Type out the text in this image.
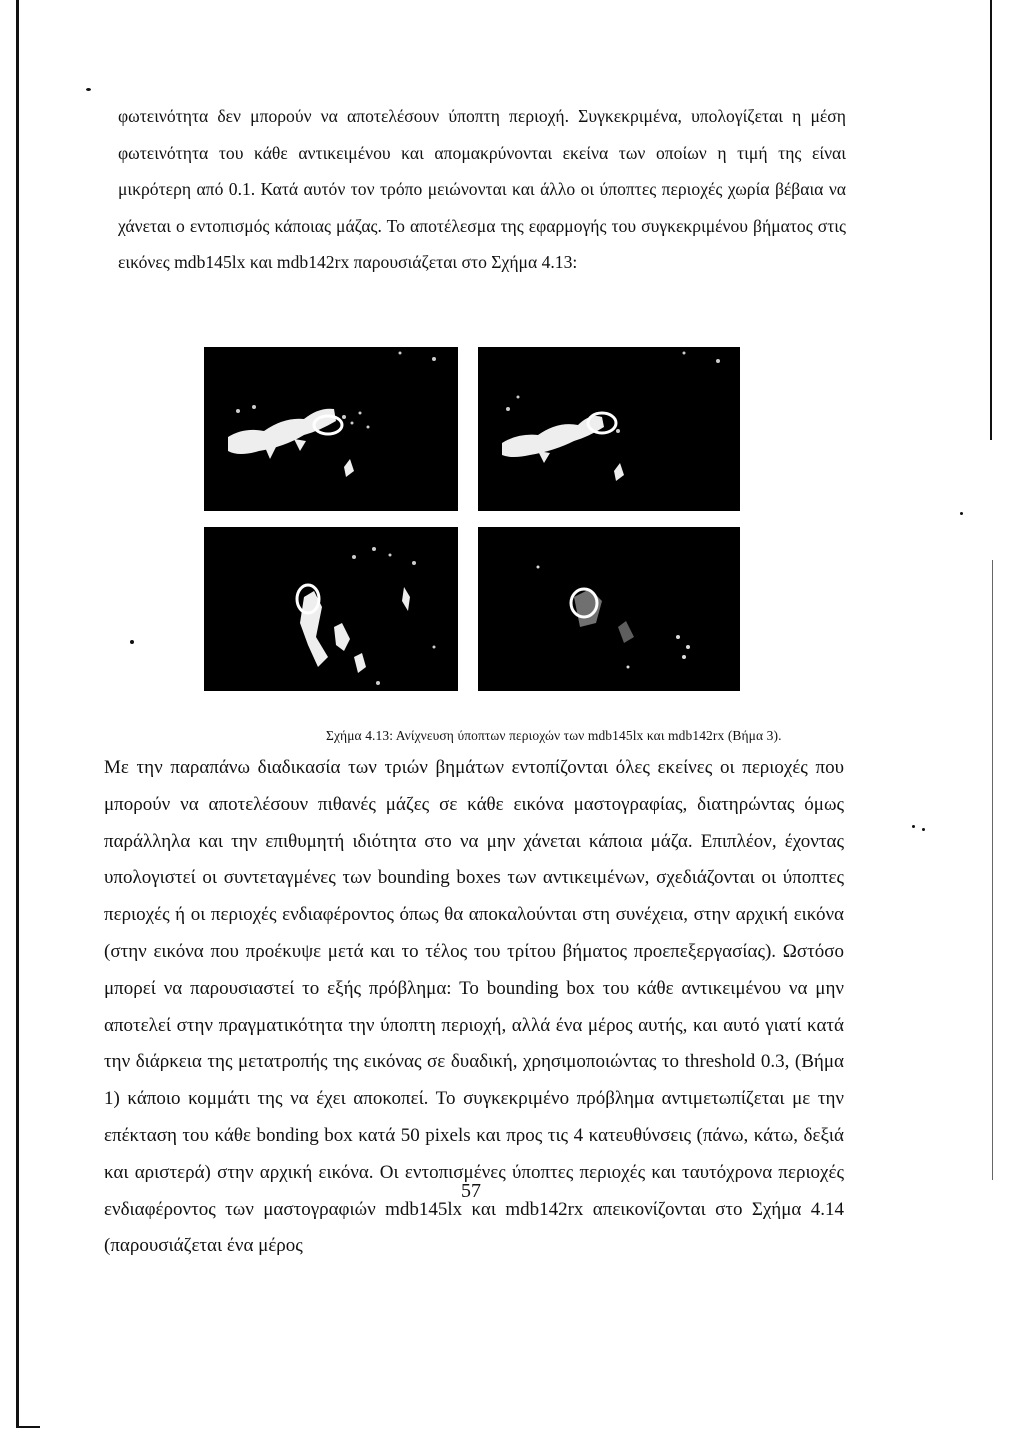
φωτεινότητα δεν μπορούν να αποτελέσουν ύποπτη περιοχή. Συγκεκριμένα, υπολογίζεται η μέση φωτεινότητα του κάθε αντικειμένου και απομακρύνονται εκείνα των οποίων η τιμή της είναι μικρότερη από 0.1. Κατά αυτόν τον τρόπο μειώνονται και άλλο οι ύποπτες περιοχές χωρία βέβαια να χάνεται ο εντοπισμός κάποιας μάζας. Το αποτέλεσμα της εφαρμογής του συγκεκριμένου βήματος στις εικόνες mdb145lx και mdb142rx παρουσιάζεται στο Σχήμα 4.13:

Σχήμα 4.13: Ανίχνευση ύποπτων περιοχών των mdb145lx και mdb142rx (Βήμα 3).

Με την παραπάνω διαδικασία των τριών βημάτων εντοπίζονται όλες εκείνες οι περιοχές που μπορούν να αποτελέσουν πιθανές μάζες σε κάθε εικόνα μαστογραφίας, διατηρώντας όμως παράλληλα και την επιθυμητή ιδιότητα στο να μην χάνεται κάποια μάζα. Επιπλέον, έχοντας υπολογιστεί οι συντεταγμένες των bounding boxes των αντικειμένων, σχεδιάζονται οι ύποπτες περιοχές ή οι περιοχές ενδιαφέροντος όπως θα αποκαλούνται στη συνέχεια, στην αρχική εικόνα (στην εικόνα που προέκυψε μετά και το τέλος του τρίτου βήματος προεπεξεργασίας). Ωστόσο μπορεί να παρουσιαστεί το εξής πρόβλημα: Το bounding box του κάθε αντικειμένου να μην αποτελεί στην πραγματικότητα την ύποπτη περιοχή, αλλά ένα μέρος αυτής, και αυτό γιατί κατά την διάρκεια της μετατροπής της εικόνας σε δυαδική, χρησιμοποιώντας το threshold 0.3, (Βήμα 1) κάποιο κομμάτι της να έχει αποκοπεί. Το συγκεκριμένο πρόβλημα αντιμετωπίζεται με την επέκταση του κάθε bonding box κατά 50 pixels και προς τις 4 κατευθύνσεις (πάνω, κάτω, δεξιά και αριστερά) στην αρχική εικόνα. Οι εντοπισμένες ύποπτες περιοχές και ταυτόχρονα περιοχές ενδιαφέροντος των μαστογραφιών mdb145lx και mdb142rx απεικονίζονται στο Σχήμα 4.14 (παρουσιάζεται ένα μέρος

57
